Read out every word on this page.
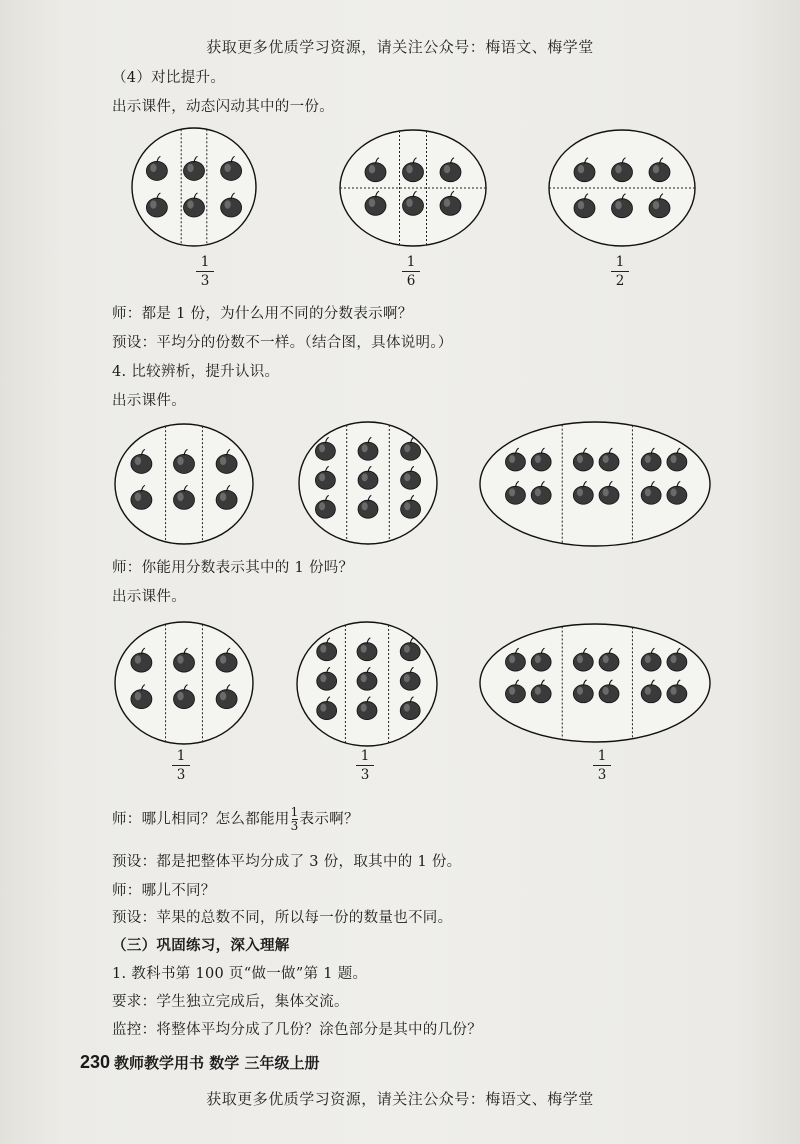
获取更多优质学习资源，请关注公众号：梅语文、梅学堂
（4）对比提升。
出示课件，动态闪动其中的一份。
1
3
1
6
1
2
师：都是 1 份，为什么用不同的分数表示啊？
预设：平均分的份数不一样。（结合图，具体说明。）
4. 比较辨析，提升认识。
出示课件。
师：你能用分数表示其中的 1 份吗？
出示课件。
1
3
1
3
1
3
师：哪儿相同？怎么都能用 $\frac{1}{3}$ 表示啊？
预设：都是把整体平均分成了 3 份，取其中的 1 份。
师：哪儿不同？
预设：苹果的总数不同，所以每一份的数量也不同。
（三）巩固练习，深入理解
1. 教科书第 100 页“做一做”第 1 题。
要求：学生独立完成后，集体交流。
监控：将整体平均分成了几份？涂色部分是其中的几份？
230 教师教学用书 数学 三年级上册
获取更多优质学习资源，请关注公众号：梅语文、梅学堂
